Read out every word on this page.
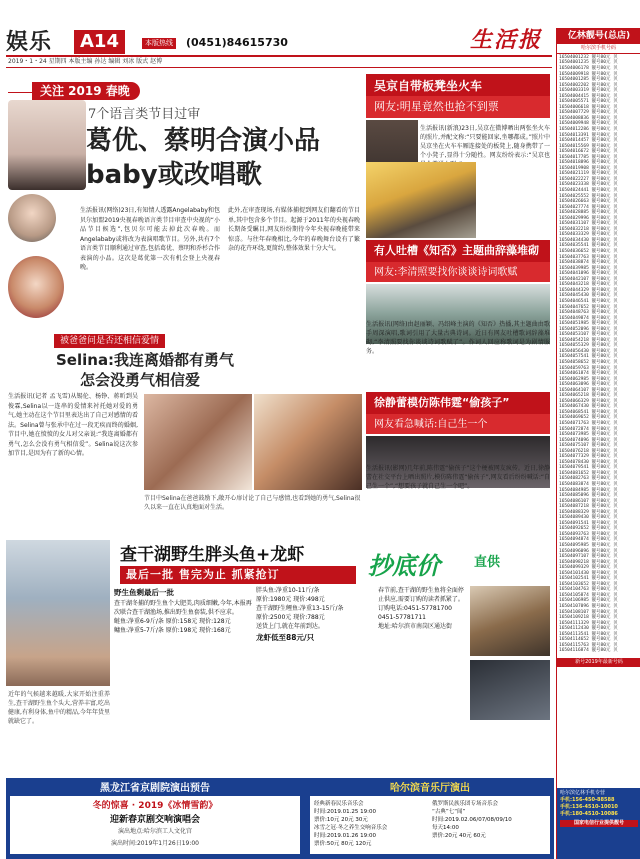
娱乐	A14	本版热线 (0451)84615730
2019・1・24 星期四 本版主编 孙达 编辑 刘冰 版式 赵博
生活报
关注 2019 春晚
7个语言类节目过审
葛优、蔡明合演小品
baby或改唱歌
生活报讯(网络)23日,有知情人透露Angelababy和包贝尔加盟2019央视春晚语言类节目审查中央视的“小品节目候选”,包贝尔可能去掉此次春晚。而Angelababy或将改为表演唱歌节目。另外,共有7个语言类节目顺利通过审查,包括葛优、蔡明和乔杉合作表演的小品。这次是葛优第一次有机会登上央视春晚。
此外,在审查现场,有媒体捕捉到网友们翻看的节目单,其中包含多个节目。起源于2011年的央视春晚长期备受瞩目,网友纷纷期待今年央视春晚能带来惊喜。与往年春晚相比,今年的春晚舞台设有了繁杂的花卉环绕,更简约,整体效果十分大气。
被爸爸问是否还相信爱情
Selina:我连离婚都有勇气
怎会没勇气相信爱
生活报讯(记者 孟飞雪)从锡伦、杨铮、蒋昕到吴俊霖,Selina以一连串的爱情来衬托她对爱的勇气,她主动在这个节目里表达出了自己对感情的看法。Selina曾与张承中在过一段无疾而终的婚姻,节目中,她在愤愤的女儿对父亲说:“我连离婚都有勇气,怎么会没有勇气相信爱”。Selina说这次参加节目,是因为有了新的心情。
节目中Selina在爸爸鼓励下,敞开心扉讨论了自己与感情,也看到她的勇气,Selina很久以来一直在认真地面对生活。
吴京自带板凳坐火车
网友:明星竟然也抢不到票
生活报讯(新浪)23日,吴京在微博晒出两张坐火车的照片,并配文称:“只要能回家,坐哪都成。”照片中吴京坐在火车车厢连接处的板凳上,随身携带了一个小凳子,显得十分随性。网友纷纷表示:“吴京也
有人吐槽《知否》主题曲辞藻堆砌
网友:李清照要找你谈谈诗词歌赋
生活报讯(网络)由赵丽颖、冯绍峰主演的《知否》热播,其主题曲由歌手周深演唱,歌词引用了大量古典诗词。近日有网友吐槽歌词辞藻堆砌,“李清照要找你谈谈诗词歌赋了”。作词人回应称歌词是为剧情服务。
徐静蕾模仿陈伟霆“偷孩子”
网友看急喊话:自己生一个
生活报讯(影网)几年前,陈伟霆“偷孩子”这个梗被网友疯传。近日,徐静蕾在社交平台上晒出照片,模仿陈伟霆“偷孩子”,网友看后纷纷喊话:“自己生一个”,“想要孩子就自己生一个吧”。
查干湖野生胖头鱼+龙虾
最后一批 售完为止 抓紧抢订	抄底价	直供
近年的气候越来越暖,大家开始注重养生,查干湖野生鱼个头大,营养丰富,吃出健康,有利身体,鱼中的精品,今年年货里就缺它了。
野生鱼剩最后一批
查干湖冬捕的野生鱼个大肥美,肉质细嫩,今年,本报再次联合查干湖渔场,推出野生鱼套装,供不应求。
鲢鱼:净重6-9斤/条 原价:158元 现价:128元
鳙鱼:净重5-7斤/条 原价:198元 现价:168元
胖头鱼:净重10-11斤/条
原价:1980元 现价:498元
查干湖野生鲤鱼:净重13-15斤/条
原价:2500元 现价:788元
送货上门,就在年前到达。
龙虾低至88元/只
春节前,查干湖的野生鱼将全面停止供应,需要订购的读者抓紧了。
订购电话:0451-57781700
0451-57781711
地址:哈尔滨市南岗区通达街
黑龙江省京剧院演出预告
冬的惊喜 · 2019《冰情雪韵》
迎新春京剧交响演唱会
演出地点:哈尔滨工人文化宫
演出时间:2019年1月26日19:00
哈尔滨音乐厅演出
经典新春民乐音乐会
时间:2019.01.25 19:00
票价:10元 20元 30元
冰雪之冠·冬之养生交响音乐会
时间:2019.01.26 19:00
票价:50元 80元 120元
俄罗斯民族乐团专场音乐会
“古典”七“闻”
时间:2019.02.06/07/08/09/10
每天14:00
票价:20元 40元 60元
亿林靓号(总店)
哈尔滨手机号码
16504001232 靓号80元 贝
16504001235 靓号80元 贝
16504006178 靓号80元 贝
16504009918 靓号80元 贝
16504001285 靓号80元 贝
16504002202 靓号80元 贝
16504003319 靓号80元 贝
16504004415 靓号80元 贝
16504005571 靓号80元 贝
16504006618 靓号80元 贝
16504007729 靓号80元 贝
16504008836 靓号80元 贝
16504009948 靓号80元 贝
16504012286 靓号80元 贝
16504013391 靓号80元 贝
16504014457 靓号80元 贝
16504015569 靓号80元 贝
16504016672 靓号80元 贝
16504017785 靓号80元 贝
16504018896 靓号80元 贝
16504019908 靓号80元 贝
16504021119 靓号80元 贝
16504022227 靓号80元 贝
16504023338 靓号80元 贝
16504024441 靓号80元 贝
16504025552 靓号80元 贝
16504026663 靓号80元 贝
16504027774 靓号80元 贝
16504028885 靓号80元 贝
16504029996 靓号80元 贝
16504031107 靓号80元 贝
16504032218 靓号80元 贝
16504033329 靓号80元 贝
16504034430 靓号80元 贝
16504035541 靓号80元 贝
16504036652 靓号80元 贝
16504037763 靓号80元 贝
16504038874 靓号80元 贝
16504039985 靓号80元 贝
16504041096 靓号80元 贝
16504042107 靓号80元 贝
16504043218 靓号80元 贝
16504044329 靓号80元 贝
16504045430 靓号80元 贝
16504046541 靓号80元 贝
16504047652 靓号80元 贝
16504048763 靓号80元 贝
16504049874 靓号80元 贝
16504051985 靓号80元 贝
16504052096 靓号80元 贝
16504053107 靓号80元 贝
16504054218 靓号80元 贝
16504055329 靓号80元 贝
16504056430 靓号80元 贝
16504057541 靓号80元 贝
16504058652 靓号80元 贝
16504059763 靓号80元 贝
16504061874 靓号80元 贝
16504062985 靓号80元 贝
16504063096 靓号80元 贝
16504064107 靓号80元 贝
16504065218 靓号80元 贝
16504066329 靓号80元 贝
16504067430 靓号80元 贝
16504068541 靓号80元 贝
16504069652 靓号80元 贝
16504071763 靓号80元 贝
16504072874 靓号80元 贝
16504073985 靓号80元 贝
16504074096 靓号80元 贝
16504075107 靓号80元 贝
16504076218 靓号80元 贝
16504077329 靓号80元 贝
16504078430 靓号80元 贝
16504079541 靓号80元 贝
16504081652 靓号80元 贝
16504082763 靓号80元 贝
16504083874 靓号80元 贝
16504084985 靓号80元 贝
16504085096 靓号80元 贝
16504086107 靓号80元 贝
16504087218 靓号80元 贝
16504088329 靓号80元 贝
16504089430 靓号80元 贝
16504091541 靓号80元 贝
16504092652 靓号80元 贝
16504093763 靓号80元 贝
16504094874 靓号80元 贝
16504095985 靓号80元 贝
16504096096 靓号80元 贝
16504097107 靓号80元 贝
16504098218 靓号80元 贝
16504099329 靓号80元 贝
16504101430 靓号80元 贝
16504102541 靓号80元 贝
16504103652 靓号80元 贝
16504104763 靓号80元 贝
16504105874 靓号80元 贝
16504106985 靓号80元 贝
16504107096 靓号80元 贝
16504108107 靓号80元 贝
16504109218 靓号80元 贝
16504111329 靓号80元 贝
16504112430 靓号80元 贝
16504113541 靓号80元 贝
16504114652 靓号80元 贝
16504115763 靓号80元 贝
16504116874 靓号80元 贝
新号2019年最新号码
哈尔滨亿林手机专营
手机:156-450-88588
手机:136-4510-10010
手机:180-4510-10086
国家电信行业提供靓号
